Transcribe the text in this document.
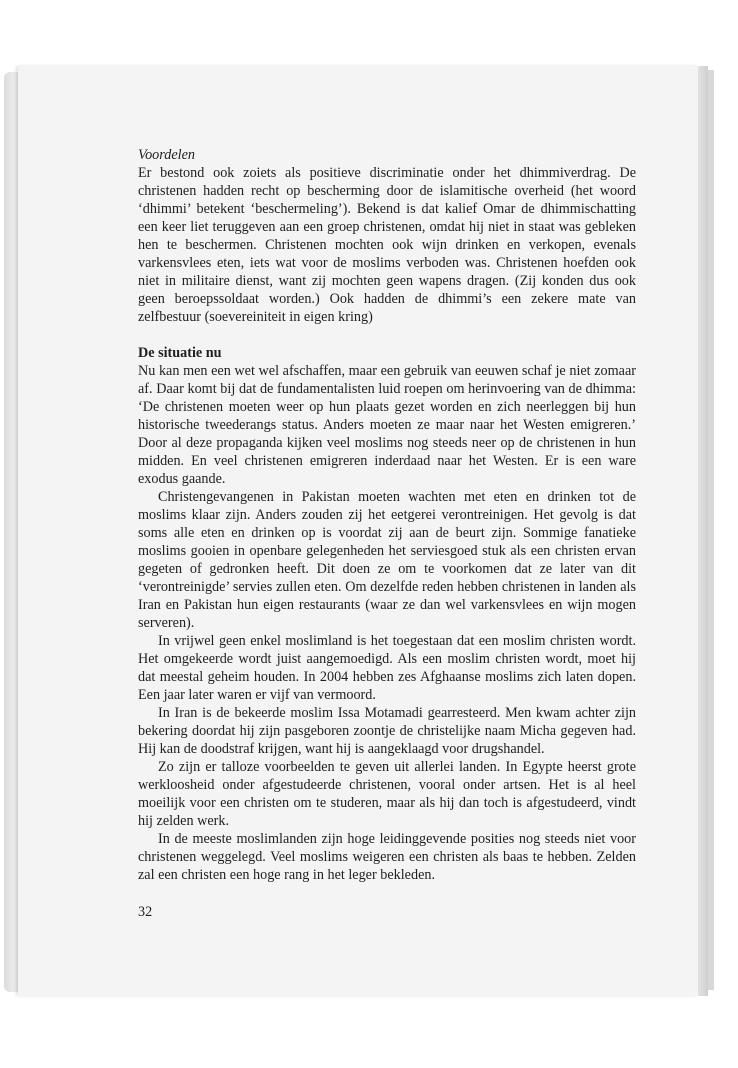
Voordelen

Er bestond ook zoiets als positieve discriminatie onder het dhimmiverdrag. De christenen hadden recht op bescherming door de islamitische overheid (het woord ‘dhimmi’ betekent ‘beschermeling’). Bekend is dat kalief Omar de dhimmischatting een keer liet teruggeven aan een groep christenen, omdat hij niet in staat was gebleken hen te beschermen. Christenen mochten ook wijn drinken en verkopen, evenals varkensvlees eten, iets wat voor de moslims verboden was. Christenen hoefden ook niet in militaire dienst, want zij mochten geen wapens dragen. (Zij konden dus ook geen beroepssoldaat worden.) Ook hadden de dhimmi’s een zekere mate van zelfbestuur (soevereiniteit in eigen kring)

De situatie nu

Nu kan men een wet wel afschaffen, maar een gebruik van eeuwen schaf je niet zomaar af. Daar komt bij dat de fundamentalisten luid roepen om herinvoering van de dhimma: ‘De christenen moeten weer op hun plaats gezet worden en zich neerleggen bij hun historische tweederangs status. Anders moeten ze maar naar het Westen emigreren.’ Door al deze propaganda kijken veel moslims nog steeds neer op de christenen in hun midden. En veel christenen emigreren inderdaad naar het Westen. Er is een ware exodus gaande.

Christengevangenen in Pakistan moeten wachten met eten en drinken tot de moslims klaar zijn. Anders zouden zij het eetgerei verontreinigen. Het gevolg is dat soms alle eten en drinken op is voordat zij aan de beurt zijn. Sommige fanatieke moslims gooien in openbare gelegenheden het serviesgoed stuk als een christen ervan gegeten of gedronken heeft. Dit doen ze om te voorkomen dat ze later van dit ‘verontreinigde’ servies zullen eten. Om dezelfde reden hebben christenen in landen als Iran en Pakistan hun eigen restaurants (waar ze dan wel varkensvlees en wijn mogen serveren).

In vrijwel geen enkel moslimland is het toegestaan dat een moslim christen wordt. Het omgekeerde wordt juist aangemoedigd. Als een moslim christen wordt, moet hij dat meestal geheim houden. In 2004 hebben zes Afghaanse moslims zich laten dopen. Een jaar later waren er vijf van vermoord.

In Iran is de bekeerde moslim Issa Motamadi gearresteerd. Men kwam achter zijn bekering doordat hij zijn pasgeboren zoontje de christelijke naam Micha gegeven had. Hij kan de doodstraf krijgen, want hij is aangeklaagd voor drugshandel.

Zo zijn er talloze voorbeelden te geven uit allerlei landen. In Egypte heerst grote werkloosheid onder afgestudeerde christenen, vooral onder artsen. Het is al heel moeilijk voor een christen om te studeren, maar als hij dan toch is afgestudeerd, vindt hij zelden werk.

In de meeste moslimlanden zijn hoge leidinggevende posities nog steeds niet voor christenen weggelegd. Veel moslims weigeren een christen als baas te hebben. Zelden zal een christen een hoge rang in het leger bekleden.

32
